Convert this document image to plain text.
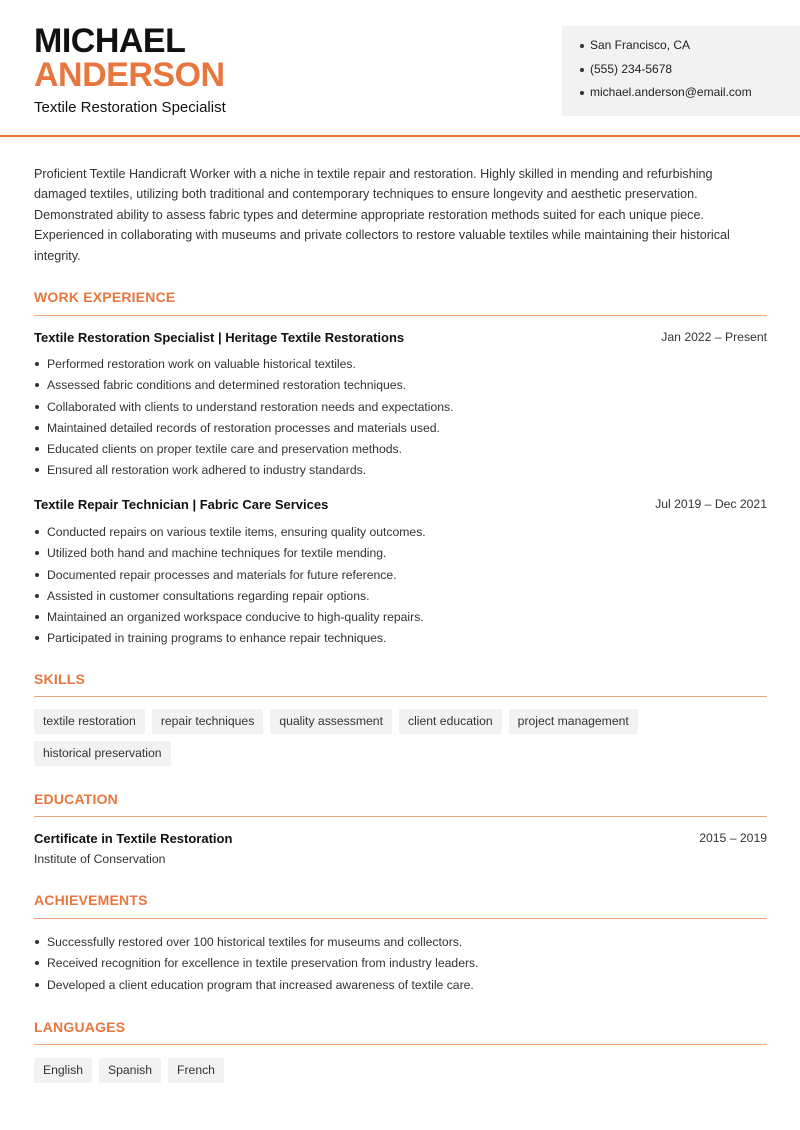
MICHAEL
ANDERSON
Textile Restoration Specialist
San Francisco, CA
(555) 234-5678
michael.anderson@email.com

Proficient Textile Handicraft Worker with a niche in textile repair and restoration. Highly skilled in mending and refurbishing damaged textiles, utilizing both traditional and contemporary techniques to ensure longevity and aesthetic preservation. Demonstrated ability to assess fabric types and determine appropriate restoration methods suited for each unique piece. Experienced in collaborating with museums and private collectors to restore valuable textiles while maintaining their historical integrity.

WORK EXPERIENCE
Textile Restoration Specialist | Heritage Textile Restorations	Jan 2022 – Present
Performed restoration work on valuable historical textiles.
Assessed fabric conditions and determined restoration techniques.
Collaborated with clients to understand restoration needs and expectations.
Maintained detailed records of restoration processes and materials used.
Educated clients on proper textile care and preservation methods.
Ensured all restoration work adhered to industry standards.
Textile Repair Technician | Fabric Care Services	Jul 2019 – Dec 2021
Conducted repairs on various textile items, ensuring quality outcomes.
Utilized both hand and machine techniques for textile mending.
Documented repair processes and materials for future reference.
Assisted in customer consultations regarding repair options.
Maintained an organized workspace conducive to high-quality repairs.
Participated in training programs to enhance repair techniques.
SKILLS
textile restoration	repair techniques	quality assessment	client education	project management
historical preservation
EDUCATION
Certificate in Textile Restoration	2015 – 2019
Institute of Conservation
ACHIEVEMENTS
Successfully restored over 100 historical textiles for museums and collectors.
Received recognition for excellence in textile preservation from industry leaders.
Developed a client education program that increased awareness of textile care.
LANGUAGES
English	Spanish	French
